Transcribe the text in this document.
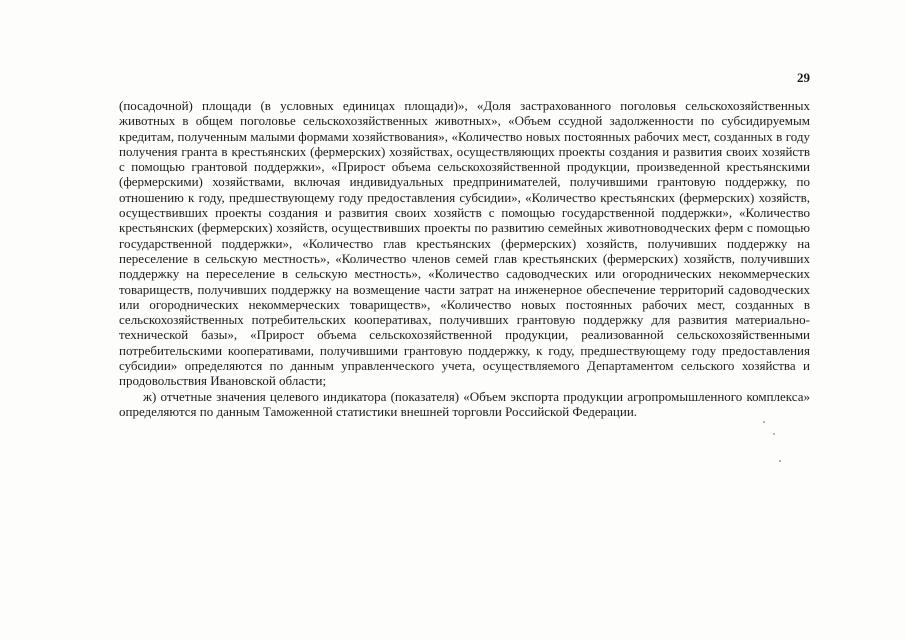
29

(посадочной) площади (в условных единицах площади)», «Доля застрахованного поголовья сельскохозяйственных животных в общем поголовье сельскохозяйственных животных», «Объем ссудной задолженности по субсидируемым кредитам, полученным малыми формами хозяйствования», «Количество новых постоянных рабочих мест, созданных в году получения гранта в крестьянских (фермерских) хозяйствах, осуществляющих проекты создания и развития своих хозяйств с помощью грантовой поддержки», «Прирост объема сельскохозяйственной продукции, произведенной крестьянскими (фермерскими) хозяйствами, включая индивидуальных предпринимателей, получившими грантовую поддержку, по отношению к году, предшествующему году предоставления субсидии», «Количество крестьянских (фермерских) хозяйств, осуществивших проекты создания и развития своих хозяйств с помощью государственной поддержки», «Количество крестьянских (фермерских) хозяйств, осуществивших проекты по развитию семейных животноводческих ферм с помощью государственной поддержки», «Количество глав крестьянских (фермерских) хозяйств, получивших поддержку на переселение в сельскую местность», «Количество членов семей глав крестьянских (фермерских) хозяйств, получивших поддержку на переселение в сельскую местность», «Количество садоводческих или огороднических некоммерческих товариществ, получивших поддержку на возмещение части затрат на инженерное обеспечение территорий садоводческих или огороднических некоммерческих товариществ», «Количество новых постоянных рабочих мест, созданных в сельскохозяйственных потребительских кооперативах, получивших грантовую поддержку для развития материально-технической базы», «Прирост объема сельскохозяйственной продукции, реализованной сельскохозяйственными потребительскими кооперативами, получившими грантовую поддержку, к году, предшествующему году предоставления субсидии» определяются по данным управленческого учета, осуществляемого Департаментом сельского хозяйства и продовольствия Ивановской области;

ж) отчетные значения целевого индикатора (показателя) «Объем экспорта продукции агропромышленного комплекса» определяются по данным Таможенной статистики внешней торговли Российской Федерации.
